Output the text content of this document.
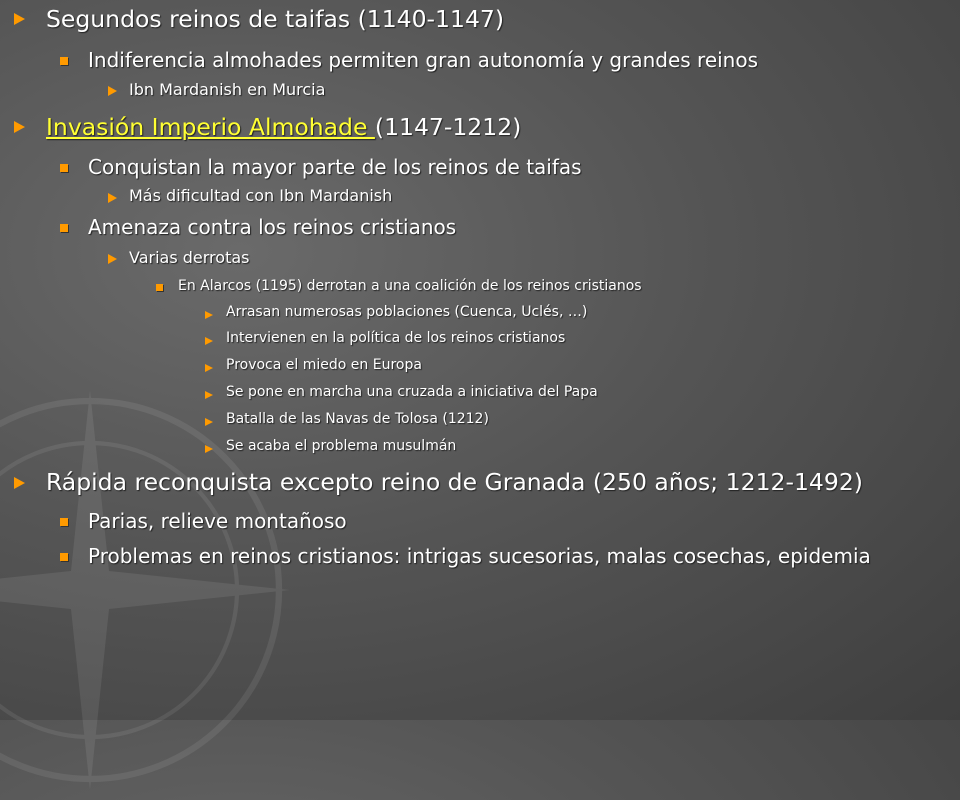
Segundos reinos de taifas (1140-1147)
Indiferencia almohades permiten gran autonomía y grandes reinos
Ibn Mardanish en Murcia
Invasión Imperio Almohade (1147-1212)
Conquistan la mayor parte de los reinos de taifas
Más dificultad con Ibn Mardanish
Amenaza contra los reinos cristianos
Varias derrotas
En Alarcos (1195) derrotan a una coalición de los reinos cristianos
Arrasan numerosas poblaciones (Cuenca, Uclés, …)
Intervienen en la política de los reinos cristianos
Provoca el miedo en Europa
Se pone en marcha una cruzada a iniciativa del Papa
Batalla de las Navas de Tolosa (1212)
Se acaba el problema musulmán
Rápida reconquista excepto reino de Granada (250 años; 1212-1492)
Parias, relieve montañoso
Problemas en reinos cristianos: intrigas sucesorias, malas cosechas, epidemia
